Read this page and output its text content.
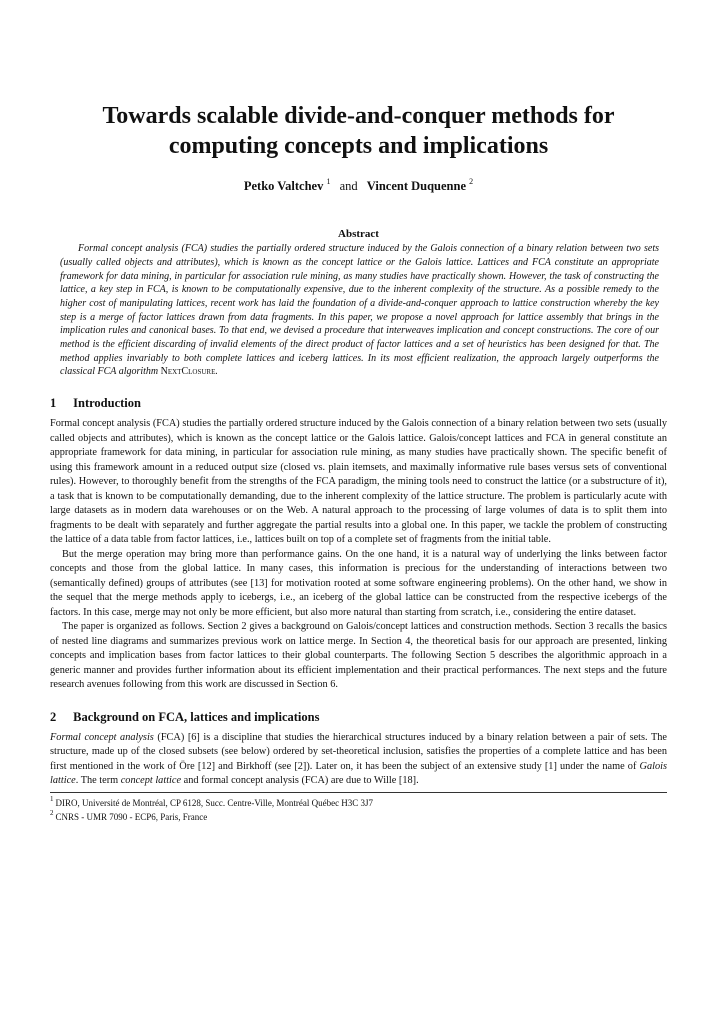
Towards scalable divide-and-conquer methods for
computing concepts and implications
Petko Valtchev $^1$ and Vincent Duquenne $^2$
Abstract
Formal concept analysis (FCA) studies the partially ordered structure induced by the Galois connection of a binary relation between two sets (usually called objects and attributes), which is known as the concept lattice or the Galois lattice. Lattices and FCA constitute an appropriate framework for data mining, in particular for association rule mining, as many studies have practically shown. However, the task of constructing the lattice, a key step in FCA, is known to be computationally expensive, due to the inherent complexity of the structure. As a possible remedy to the higher cost of manipulating lattices, recent work has laid the foundation of a divide-and-conquer approach to lattice construction whereby the key step is a merge of factor lattices drawn from data fragments. In this paper, we propose a novel approach for lattice assembly that brings in the implication rules and canonical bases. To that end, we devised a procedure that interweaves implication and concept constructions. The core of our method is the efficient discarding of invalid elements of the direct product of factor lattices and a set of heuristics has been designed for that. The method applies invariably to both complete lattices and iceberg lattices. In its most efficient realization, the approach largely outperforms the classical FCA algorithm NextClosure.
1 Introduction

Formal concept analysis (FCA) studies the partially ordered structure induced by the Galois connection of a binary relation between two sets (usually called objects and attributes), which is known as the concept lattice or the Galois lattice. Galois/concept lattices and FCA in general constitute an appropriate framework for data mining, in particular for association rule mining, as many studies have practically shown. The specific benefit of using this framework amount in a reduced output size (closed vs. plain itemsets, and maximally informative rule bases versus sets of conventional rules). However, to thoroughly benefit from the strengths of the FCA paradigm, the mining tools need to construct the lattice (or a substructure of it), a task that is known to be computationally demanding, due to the inherent complexity of the lattice structure. The problem is particularly acute with large datasets as in modern data warehouses or on the Web. A natural approach to the processing of large volumes of data is to split them into fragments to be dealt with separately and further aggregate the partial results into a global one. In this paper, we tackle the problem of constructing the lattice of a data table from factor lattices, i.e., lattices built on top of a complete set of fragments from the initial table.

But the merge operation may bring more than performance gains. On the one hand, it is a natural way of underlying the links between factor concepts and those from the global lattice. In many cases, this information is precious for the understanding of interactions between two (semantically defined) groups of attributes (see [13] for motivation rooted at some software engineering problems). On the other hand, we show in the sequel that the merge methods apply to icebergs, i.e., an iceberg of the global lattice can be constructed from the respective icebergs of the factors. In this case, merge may not only be more efficient, but also more natural than starting from scratch, i.e., considering the entire dataset.

The paper is organized as follows. Section 2 gives a background on Galois/concept lattices and construction methods. Section 3 recalls the basics of nested line diagrams and summarizes previous work on lattice merge. In Section 4, the theoretical basis for our approach are presented, linking concepts and implication bases from factor lattices to their global counterparts. The following Section 5 describes the algorithmic approach in a generic manner and provides further information about its efficient implementation and their practical performances. The next steps and the future research avenues following from this work are discussed in Section 6.

2 Background on FCA, lattices and implications

Formal concept analysis (FCA) [6] is a discipline that studies the hierarchical structures induced by a binary relation between a pair of sets. The structure, made up of the closed subsets (see below) ordered by set-theoretical inclusion, satisfies the properties of a complete lattice and has been first mentioned in the work of Öre [12] and Birkhoff (see [2]). Later on, it has been the subject of an extensive study [1] under the name of Galois lattice. The term concept lattice and formal concept analysis (FCA) are due to Wille [18].

$^1$ DIRO, Université de Montréal, CP 6128, Succ. Centre-Ville, Montréal Québec H3C 3J7
$^2$ CNRS - UMR 7090 - ECP6, Paris, France
